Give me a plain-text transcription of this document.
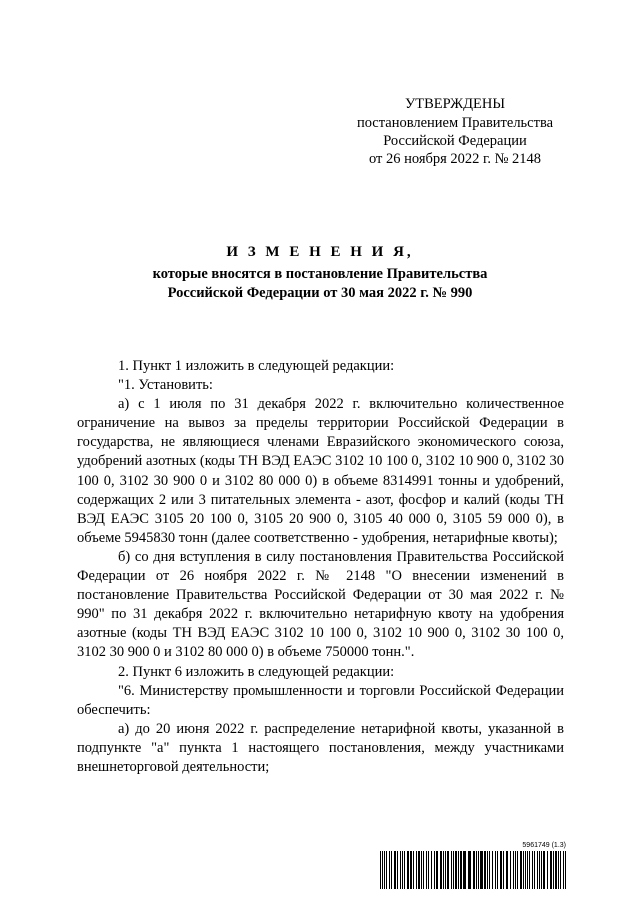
УТВЕРЖДЕНЫ
постановлением Правительства
Российской Федерации
от 26 ноября 2022 г. № 2148
И З М Е Н Е Н И Я,
которые вносятся в постановление Правительства
Российской Федерации от 30 мая 2022 г. № 990

1. Пункт 1 изложить в следующей редакции:

"1. Установить:

а) с 1 июля по 31 декабря 2022 г. включительно количественное ограничение на вывоз за пределы территории Российской Федерации в государства, не являющиеся членами Евразийского экономического союза, удобрений азотных (коды ТН ВЭД ЕАЭС 3102 10 100 0, 3102 10 900 0, 3102 30 100 0, 3102 30 900 0 и 3102 80 000 0) в объеме 8314991 тонны и удобрений, содержащих 2 или 3 питательных элемента - азот, фосфор и калий (коды ТН ВЭД ЕАЭС 3105 20 100 0, 3105 20 900 0, 3105 40 000 0, 3105 59 000 0), в объеме 5945830 тонн (далее соответственно - удобрения, нетарифные квоты);

б) со дня вступления в силу постановления Правительства Российской Федерации от 26 ноября 2022 г. № 2148 "О внесении изменений в постановление Правительства Российской Федерации от 30 мая 2022 г. № 990" по 31 декабря 2022 г. включительно нетарифную квоту на удобрения азотные (коды ТН ВЭД ЕАЭС 3102 10 100 0, 3102 10 900 0, 3102 30 100 0, 3102 30 900 0 и 3102 80 000 0) в объеме 750000 тонн.".

2. Пункт 6 изложить в следующей редакции:

"6. Министерству промышленности и торговли Российской Федерации обеспечить:

а) до 20 июня 2022 г. распределение нетарифной квоты, указанной в подпункте "а" пункта 1 настоящего постановления, между участниками внешнеторговой деятельности;

5961749 (1.3)
